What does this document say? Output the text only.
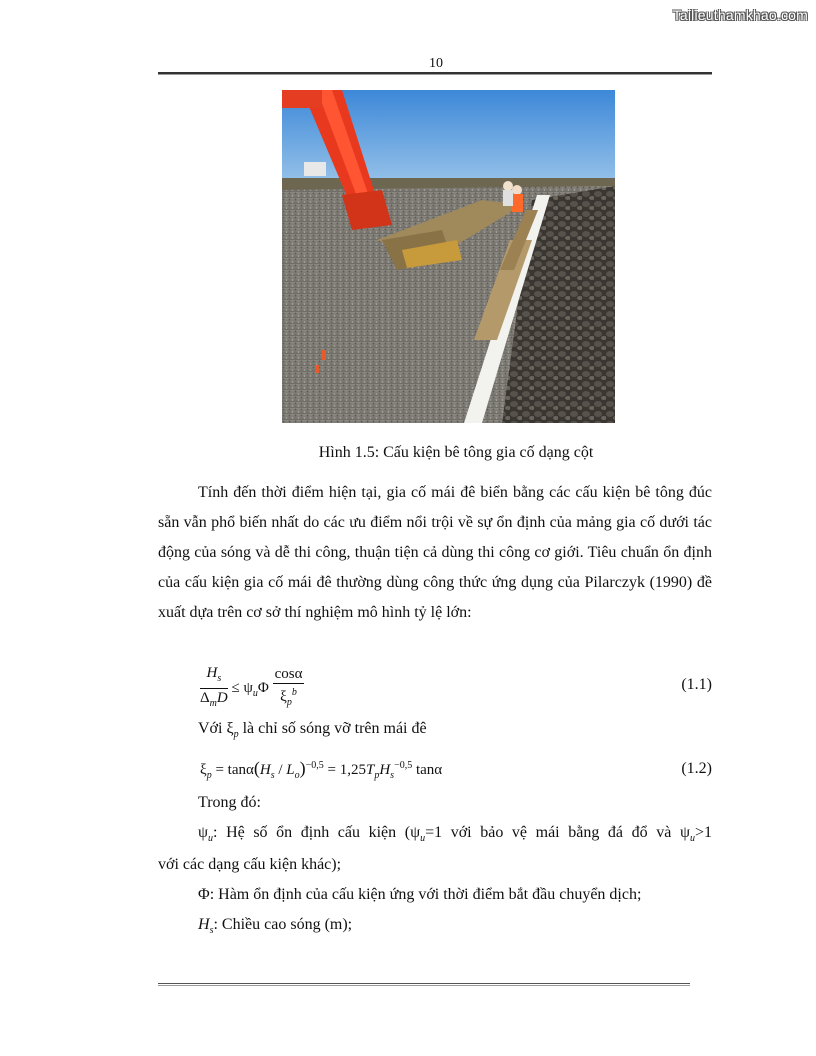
Tailieuthamkhao.com
10
Hình 1.5: Cấu kiện bê tông gia cố dạng cột
Tính đến thời điểm hiện tại, gia cố mái đê biển bằng các cấu kiện bê tông đúc sẵn vẫn phổ biến nhất do các ưu điểm nổi trội về sự ổn định của mảng gia cố dưới tác động của sóng và dễ thi công, thuận tiện cả dùng thi công cơ giới. Tiêu chuẩn ổn định của cấu kiện gia cố mái đê thường dùng công thức ứng dụng của Pilarczyk (1990) đề xuất dựa trên cơ sở thí nghiệm mô hình tỷ lệ lớn:
$\frac{H_s}{\Delta_mD} \le \psi_u\Phi \frac{\cos\alpha}{\xi_p^b}$	(1.1)
Với $\xi_p$ là chỉ số sóng vỡ trên mái đê
$\xi_p = \tan\alpha(H_s / L_o)^{-0,5} = 1,25T_pH_s^{-0,5}$ tanα	(1.2)
Trong đó:
$\psi_u$: Hệ số ổn định cấu kiện ($\psi_u=1$ với bảo vệ mái bằng đá đổ và $\psi_u>1$
với các dạng cấu kiện khác);
Φ: Hàm ổn định của cấu kiện ứng với thời điểm bắt đầu chuyển dịch;
$H_s$: Chiều cao sóng (m);
